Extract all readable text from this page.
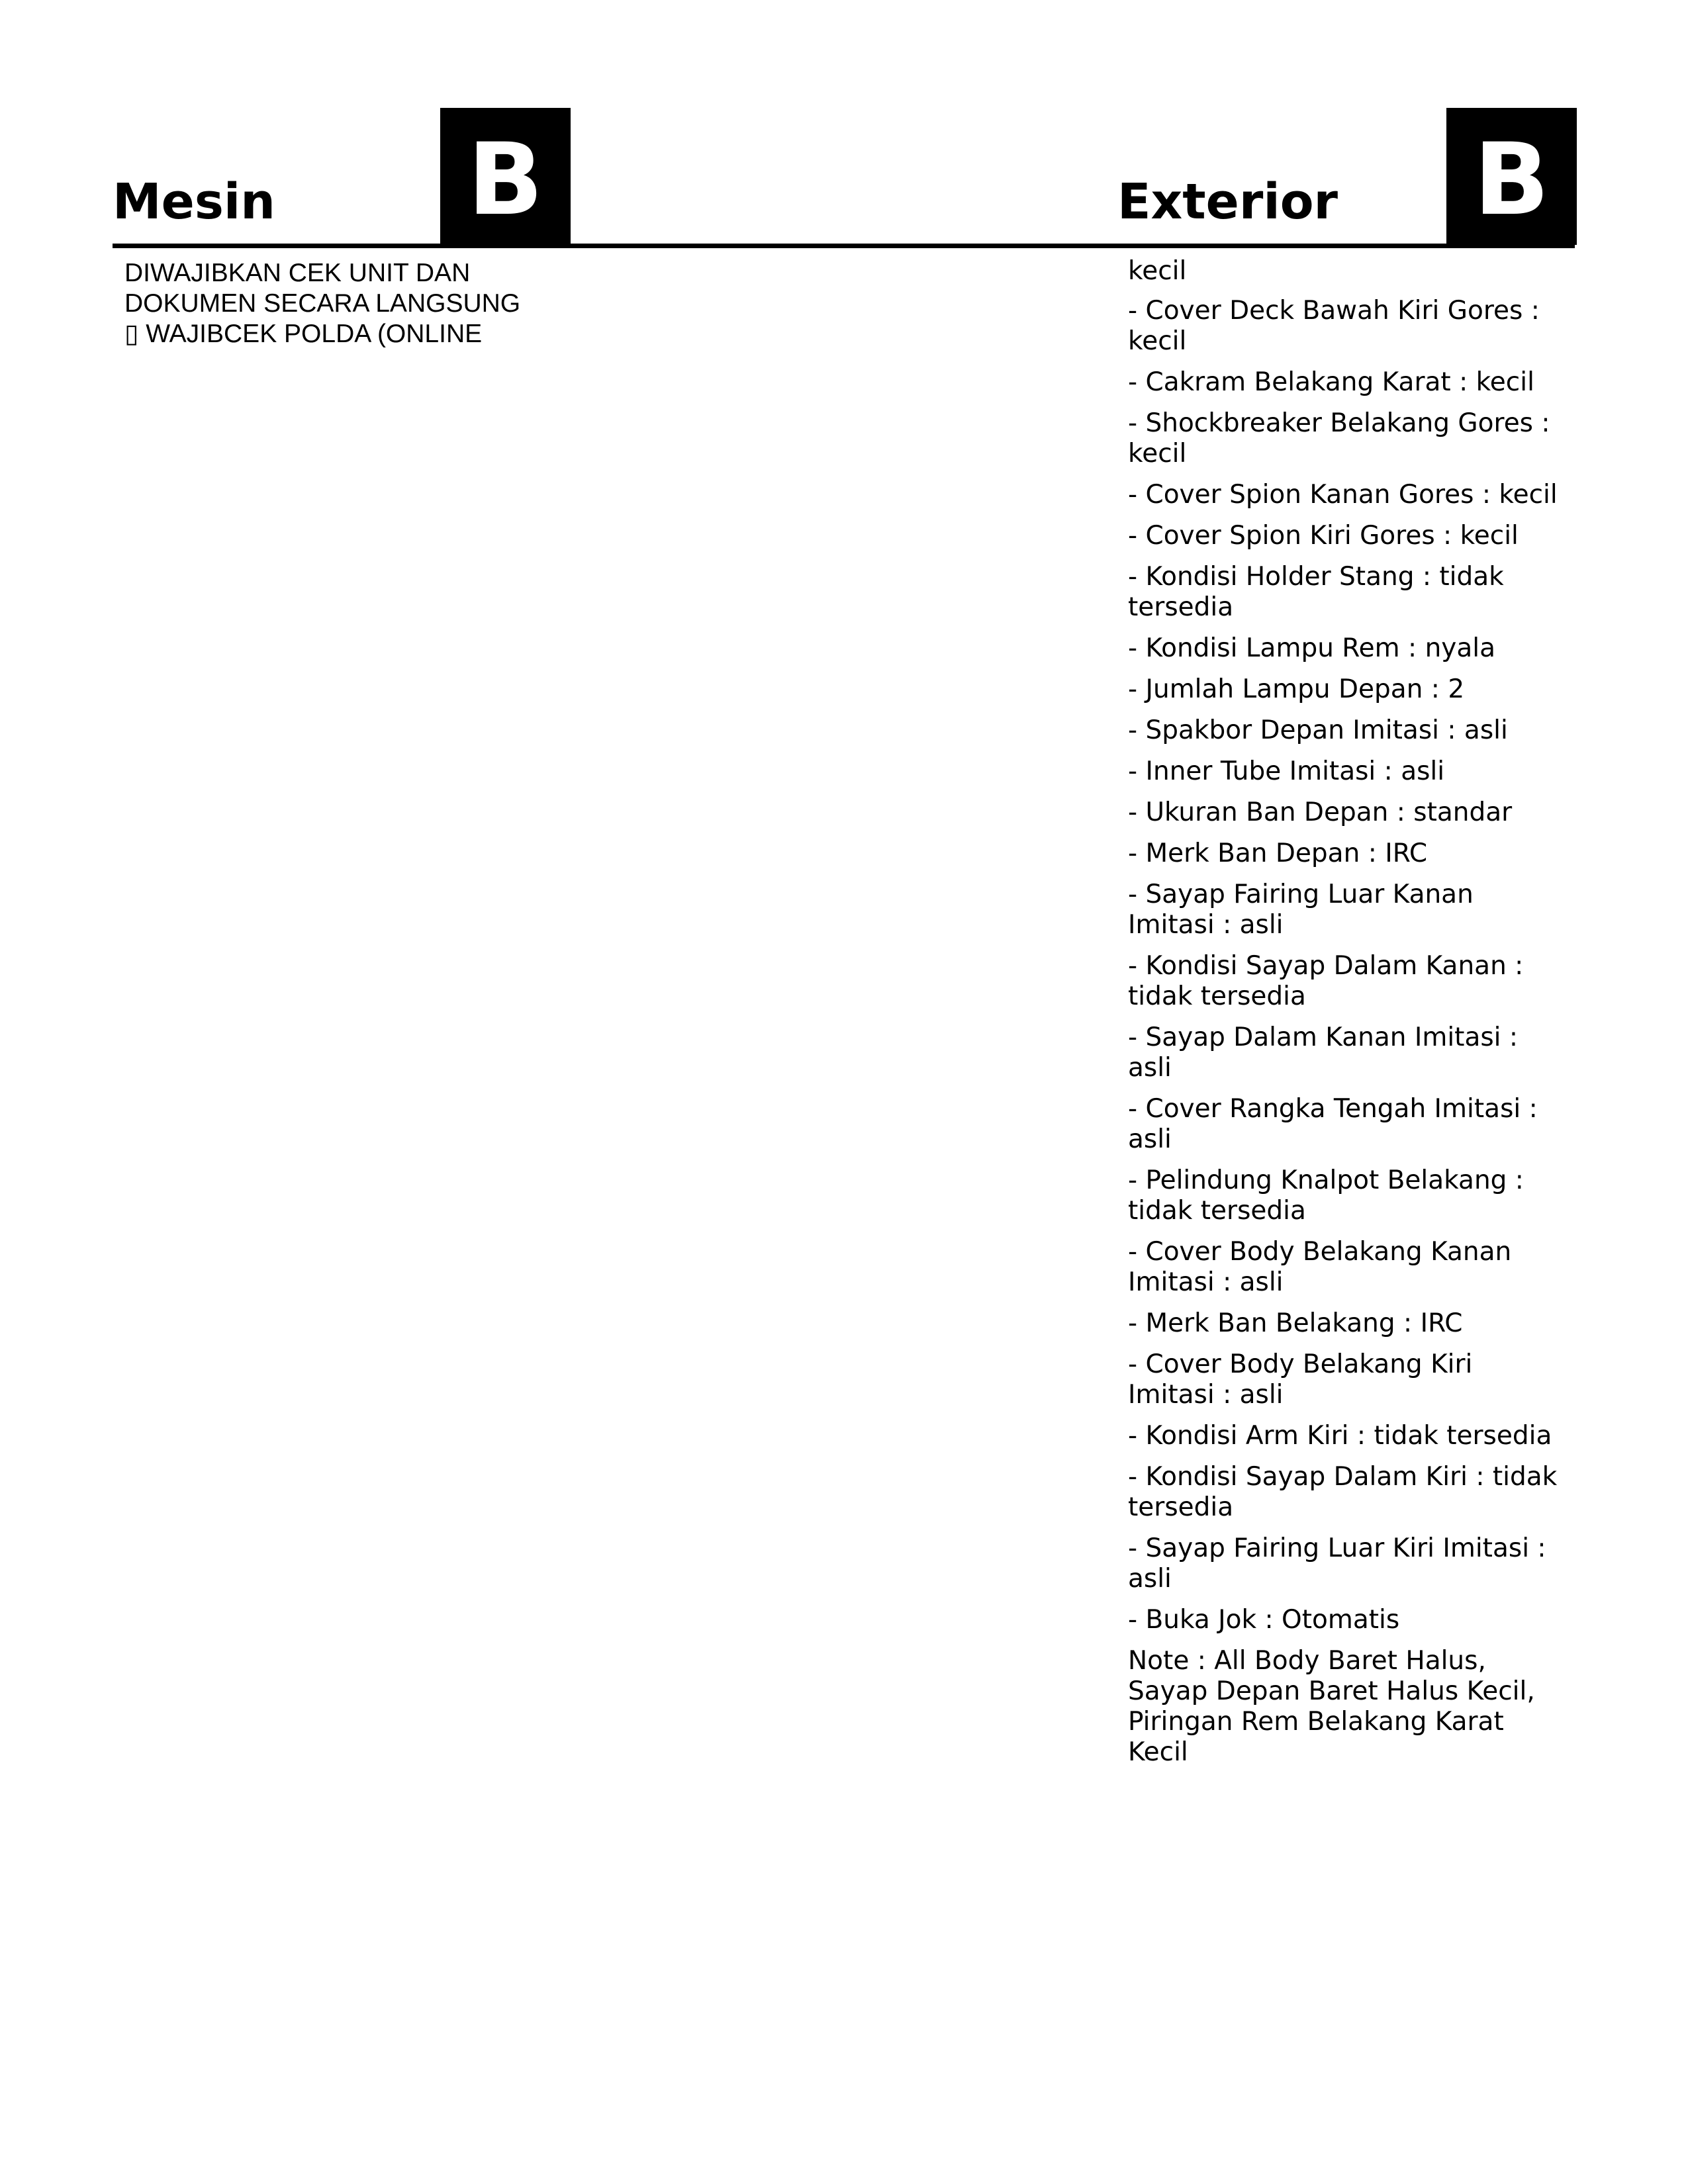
Mesin B	Exterior B
DIWAJIBKAN CEK UNIT DAN
DOKUMEN SECARA LANGSUNG
▯ WAJIBCEK POLDA (ONLINE
kecil
- Cover Deck Bawah Kiri Gores : kecil
- Cakram Belakang Karat : kecil
- Shockbreaker Belakang Gores : kecil
- Cover Spion Kanan Gores : kecil
- Cover Spion Kiri Gores : kecil
- Kondisi Holder Stang : tidak tersedia
- Kondisi Lampu Rem : nyala
- Jumlah Lampu Depan : 2
- Spakbor Depan Imitasi : asli
- Inner Tube Imitasi : asli
- Ukuran Ban Depan : standar
- Merk Ban Depan : IRC
- Sayap Fairing Luar Kanan Imitasi : asli
- Kondisi Sayap Dalam Kanan : tidak tersedia
- Sayap Dalam Kanan Imitasi : asli
- Cover Rangka Tengah Imitasi : asli
- Pelindung Knalpot Belakang : tidak tersedia
- Cover Body Belakang Kanan Imitasi : asli
- Merk Ban Belakang : IRC
- Cover Body Belakang Kiri Imitasi : asli
- Kondisi Arm Kiri : tidak tersedia
- Kondisi Sayap Dalam Kiri : tidak tersedia
- Sayap Fairing Luar Kiri Imitasi : asli
- Buka Jok : Otomatis
Note : All Body Baret Halus, Sayap Depan Baret Halus Kecil, Piringan Rem Belakang Karat Kecil
